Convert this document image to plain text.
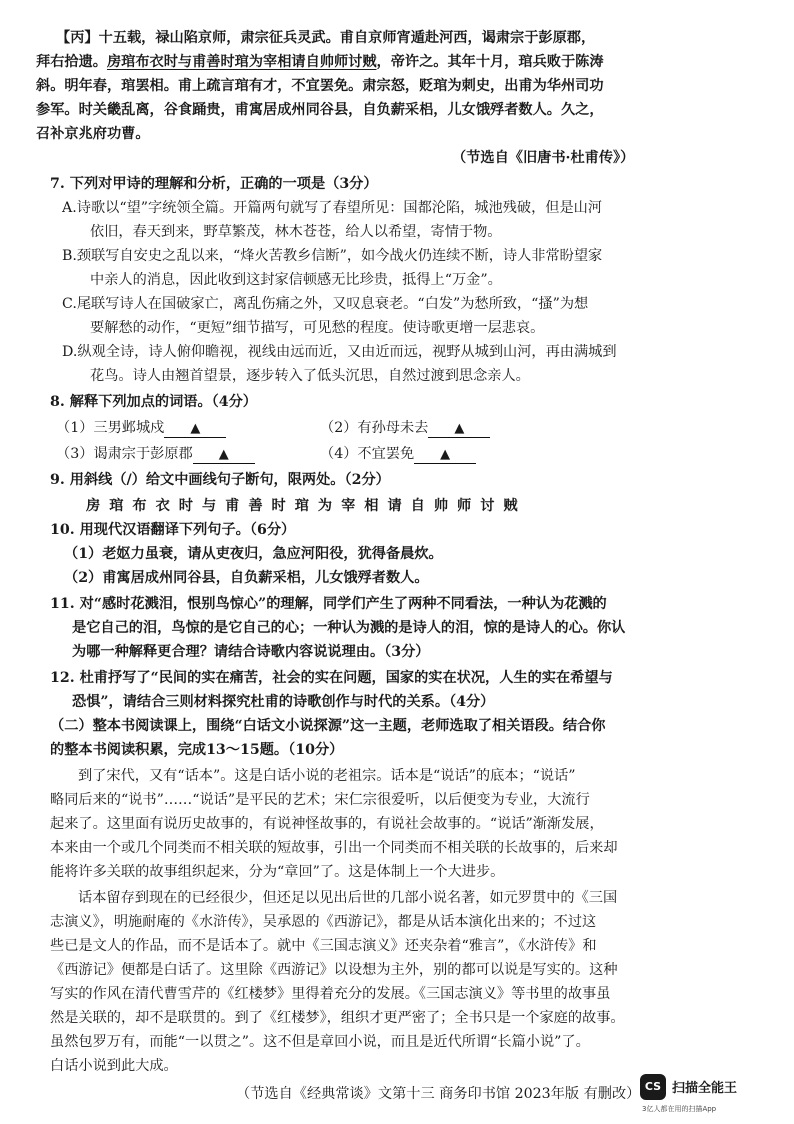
【丙】十五载，禄山陷京师，肃宗征兵灵武。甫自京师宵遁赴河西，谒肃宗于彭原郡，
拜右拾遗。房琯布衣时与甫善时琯为宰相请自帅师讨贼，帝许之。其年十月，琯兵败于陈涛
斜。明年春，琯罢相。甫上疏言琯有才，不宜罢免。肃宗怒，贬琯为刺史，出甫为华州司功
参军。时关畿乱离，谷食踊贵，甫寓居成州同谷县，自负薪采梠，儿女饿殍者数人。久之，
召补京兆府功曹。
（节选自《旧唐书·杜甫传》）
7. 下列对甲诗的理解和分析，正确的一项是（3分）
A.诗歌以“望”字统领全篇。开篇两句就写了春望所见：国都沦陷，城池残破，但是山河
依旧，春天到来，野草繁茂，林木苍苍，给人以希望，寄情于物。
B.颈联写自安史之乱以来，“烽火苦教乡信断”，如今战火仍连续不断，诗人非常盼望家
中亲人的消息，因此收到这封家信顿感无比珍贵，抵得上“万金”。
C.尾联写诗人在国破家亡，离乱伤痛之外，又叹息衰老。“白发”为愁所致，“搔”为想
要解愁的动作，“更短”细节描写，可见愁的程度。使诗歌更增一层悲哀。
D.纵观全诗，诗人俯仰瞻视，视线由远而近，又由近而远，视野从城到山河，再由满城到
花鸟。诗人由翘首望景，逐步转入了低头沉思，自然过渡到思念亲人。
8. 解释下列加点的词语。（4分）
（1）三男邺城戍 ▲	（2）有孙母未去 ▲
（3）谒肃宗于彭原郡 ▲	（4）不宜罢免 ▲
9. 用斜线（/）给文中画线句子断句，限两处。（2分）
房琯布衣时与甫善时琯为宰相请自帅师讨贼
10. 用现代汉语翻译下列句子。（6分）
（1）老妪力虽衰，请从吏夜归，急应河阳役，犹得备晨炊。
（2）甫寓居成州同谷县，自负薪采梠，儿女饿殍者数人。
11. 对“感时花溅泪，恨别鸟惊心”的理解，同学们产生了两种不同看法，一种认为花溅的
是它自己的泪，鸟惊的是它自己的心；一种认为溅的是诗人的泪，惊的是诗人的心。你认
为哪一种解释更合理？请结合诗歌内容说说理由。（3分）
12. 杜甫抒写了“民间的实在痛苦，社会的实在问题，国家的实在状况，人生的实在希望与
恐惧”，请结合三则材料探究杜甫的诗歌创作与时代的关系。（4分）
（二）整本书阅读课上，围绕“白话文小说探源”这一主题，老师选取了相关语段。结合你
的整本书阅读积累，完成13～15题。（10分）
到了宋代，又有“话本”。这是白话小说的老祖宗。话本是“说话”的底本；“说话”
略同后来的“说书”……“说话”是平民的艺术；宋仁宗很爱听，以后便变为专业，大流行
起来了。这里面有说历史故事的，有说神怪故事的，有说社会故事的。“说话”渐渐发展，
本来由一个或几个同类而不相关联的短故事，引出一个同类而不相关联的长故事的，后来却
能将许多关联的故事组织起来，分为“章回”了。这是体制上一个大进步。
话本留存到现在的已经很少，但还足以见出后世的几部小说名著，如元罗贯中的《三国
志演义》，明施耐庵的《水浒传》，吴承恩的《西游记》，都是从话本演化出来的；不过这
些已是文人的作品，而不是话本了。就中《三国志演义》还夹杂着“雅言”，《水浒传》和
《西游记》便都是白话了。这里除《西游记》以设想为主外，别的都可以说是写实的。这种
写实的作风在清代曹雪芹的《红楼梦》里得着充分的发展。《三国志演义》等书里的故事虽
然是关联的，却不是联贯的。到了《红楼梦》，组织才更严密了；全书只是一个家庭的故事。
虽然包罗万有，而能“一以贯之”。这不但是章回小说，而且是近代所谓“长篇小说”了。
白话小说到此大成。
（节选自《经典常谈》文第十三 商务印书馆 2023年版 有删改） CS 扫描全能王
3亿人都在用的扫描App
